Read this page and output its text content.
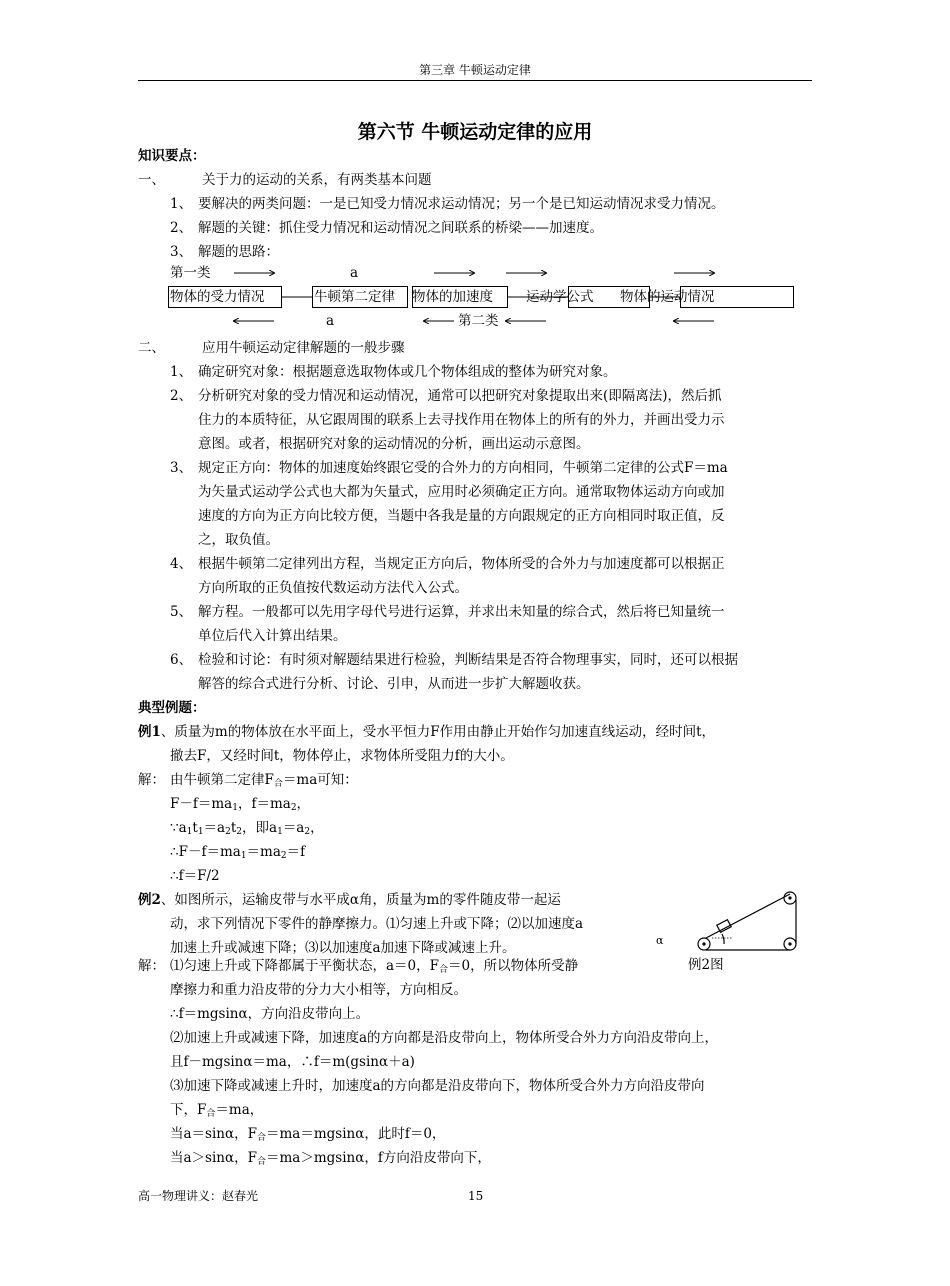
第三章 牛顿运动定律
第六节 牛顿运动定律的应用
知识要点：
一、	关于力的运动的关系，有两类基本问题
1、 要解决的两类问题：一是已知受力情况求运动情况；另一个是已知运动情况求受力情况。
2、 解题的关键：抓住受力情况和运动情况之间联系的桥梁——加速度。
3、 解题的思路：
第一类	a
第二类
a
物体的受力情况	牛顿第二定律 物体的加速度 运动学公式 物体的运动情况
二、	应用牛顿运动定律解题的一般步骤
1、 确定研究对象：根据题意选取物体或几个物体组成的整体为研究对象。
2、 分析研究对象的受力情况和运动情况，通常可以把研究对象提取出来(即隔离法)，然后抓
住力的本质特征，从它跟周围的联系上去寻找作用在物体上的所有的外力，并画出受力示
意图。或者，根据研究对象的运动情况的分析，画出运动示意图。
3、 规定正方向：物体的加速度始终跟它受的合外力的方向相同，牛顿第二定律的公式F＝ma
为矢量式运动学公式也大都为矢量式，应用时必须确定正方向。通常取物体运动方向或加
速度的方向为正方向比较方便，当题中各我是量的方向跟规定的正方向相同时取正值，反
之，取负值。
4、 根据牛顿第二定律列出方程，当规定正方向后，物体所受的合外力与加速度都可以根据正
方向所取的正负值按代数运动方法代入公式。
5、 解方程。一般都可以先用字母代号进行运算，并求出未知量的综合式，然后将已知量统一
单位后代入计算出结果。
6、 检验和讨论：有时须对解题结果进行检验，判断结果是否符合物理事实，同时，还可以根据
解答的综合式进行分析、讨论、引申，从而进一步扩大解题收获。
典型例题：
例1、质量为m的物体放在水平面上，受水平恒力F作用由静止开始作匀加速直线运动，经时间t，
撤去F，又经时间t，物体停止，求物体所受阻力f的大小。
解： 由牛顿第二定律$F_合=ma$可知：
$F-f=ma_1$，$f=ma_2$，
$\because a_1t_1=a_2t_2$，即$a_1=a_2$，
$\therefore F-f=ma_1=ma_2=f$
∴f＝F/2
例2、如图所示，运输皮带与水平成α角，质量为m的零件随皮带一起运
动，求下列情况下零件的静摩擦力。⑴匀速上升或下降；⑵以加速度a
加速上升或减速下降；⑶以加速度a加速下降或减速上升。	α
解： ⑴匀速上升或下降都属于平衡状态，a＝0，$F_合=0$，所以物体所受静	例2图
摩擦力和重力沿皮带的分力大小相等，方向相反。
∴f＝mgsinα，方向沿皮带向上。
⑵加速上升或减速下降，加速度a的方向都是沿皮带向上，物体所受合外力方向沿皮带向上，
且f－mgsinα＝ma，∴f＝m(gsinα＋a)
⑶加速下降或减速上升时，加速度a的方向都是沿皮带向下，物体所受合外力方向沿皮带向
下，$F_合=ma$，
当a＝sinα，$F_合=ma=mgsin\alpha$，此时f＝0，
当a＞sinα，$F_合=ma>mgsin\alpha$，f方向沿皮带向下，
高一物理讲义：赵春光	15
